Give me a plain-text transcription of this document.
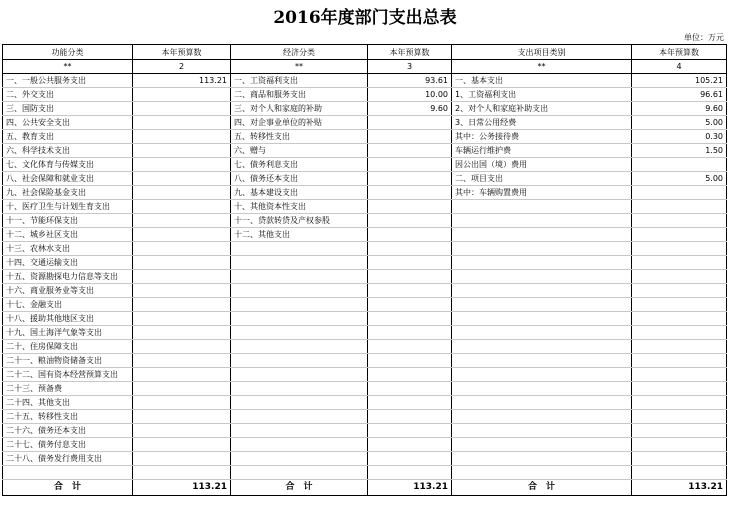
2016年度部门支出总表
单位：万元
功能分类	本年预算数	经济分类	本年预算数	支出项目类别	本年预算数
**	2	**	3	**	4
一、一般公共服务支出	113.21	一、工资福利支出	93.61	一、基本支出	105.21
二、外交支出		二、商品和服务支出	10.00	1、工资福利支出	96.61
三、国防支出		三、对个人和家庭的补助	9.60	2、对个人和家庭补助支出	9.60
四、公共安全支出		四、对企事业单位的补贴		3、日常公用经费	5.00
五、教育支出		五、转移性支出		其中：公务接待费	0.30
六、科学技术支出		六、赠与		车辆运行维护费	1.50
七、文化体育与传媒支出		七、债务利息支出		因公出国（境）费用	
八、社会保障和就业支出		八、债务还本支出		二、项目支出	5.00
九、社会保险基金支出		九、基本建设支出		其中：车辆购置费用	
十、医疗卫生与计划生育支出		十、其他资本性支出			
十一、节能环保支出		十一、贷款转贷及产权参股			
十二、城乡社区支出		十二、其他支出			
十三、农林水支出					
十四、交通运输支出					
十五、资源勘探电力信息等支出					
十六、商业服务业等支出					
十七、金融支出					
十八、援助其他地区支出					
十九、国土海洋气象等支出					
二十、住房保障支出					
二十一、粮油物资储备支出					
二十二、国有资本经营预算支出					
二十三、预备费					
二十四、其他支出					
二十五、转移性支出					
二十六、债务还本支出					
二十七、债务付息支出					
二十八、债务发行费用支出					

合　计	113.21	合　计	113.21	合　计	113.21
